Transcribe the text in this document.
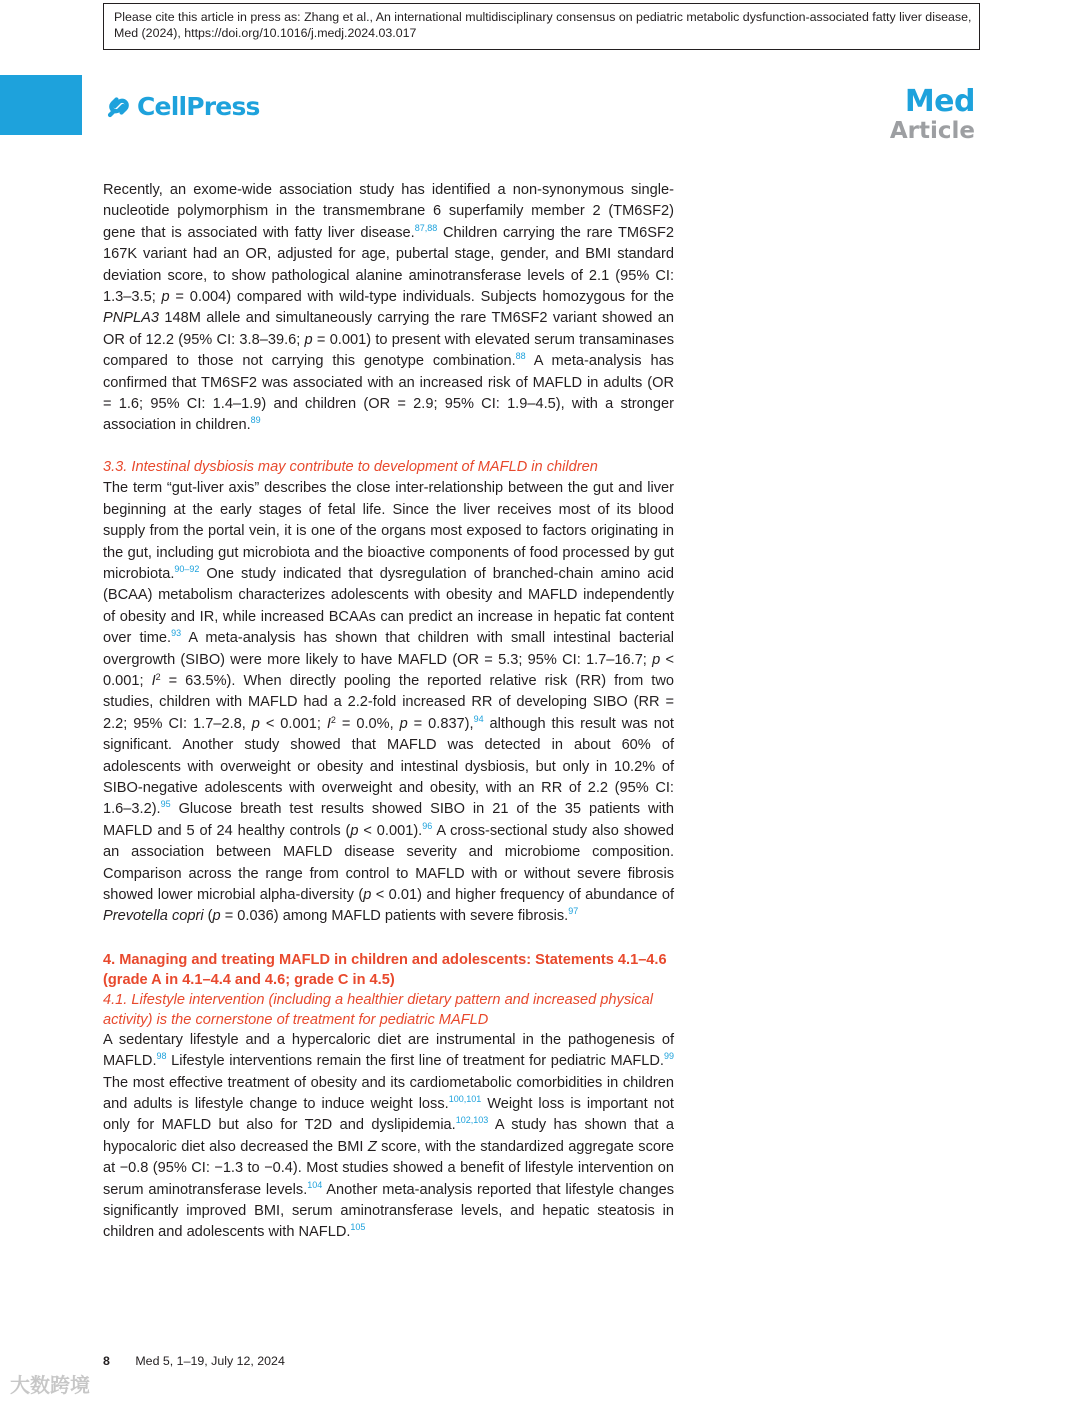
Please cite this article in press as: Zhang et al., An international multidisciplinary consensus on pediatric metabolic dysfunction-associated fatty liver disease, Med (2024), https://doi.org/10.1016/j.medj.2024.03.017
CellPress	Med
Article

Recently, an exome-wide association study has identified a non-synonymous single-nucleotide polymorphism in the transmembrane 6 superfamily member 2 (TM6SF2) gene that is associated with fatty liver disease.$^{87,88}$ Children carrying the rare TM6SF2 167K variant had an OR, adjusted for age, pubertal stage, gender, and BMI standard deviation score, to show pathological alanine aminotransferase levels of 2.1 (95% CI: 1.3–3.5; p = 0.004) compared with wild-type individuals. Subjects homozygous for the PNPLA3 148M allele and simultaneously carrying the rare TM6SF2 variant showed an OR of 12.2 (95% CI: 3.8–39.6; p = 0.001) to present with elevated serum transaminases compared to those not carrying this genotype combination.$^{88}$ A meta-analysis has confirmed that TM6SF2 was associated with an increased risk of MAFLD in adults (OR = 1.6; 95% CI: 1.4–1.9) and children (OR = 2.9; 95% CI: 1.9–4.5), with a stronger association in children.$^{89}$

3.3. Intestinal dysbiosis may contribute to development of MAFLD in children

The term “gut-liver axis” describes the close inter-relationship between the gut and liver beginning at the early stages of fetal life. Since the liver receives most of its blood supply from the portal vein, it is one of the organs most exposed to factors originating in the gut, including gut microbiota and the bioactive components of food processed by gut microbiota.$^{90-92}$ One study indicated that dysregulation of branched-chain amino acid (BCAA) metabolism characterizes adolescents with obesity and MAFLD independently of obesity and IR, while increased BCAAs can predict an increase in hepatic fat content over time.$^{93}$ A meta-analysis has shown that children with small intestinal bacterial overgrowth (SIBO) were more likely to have MAFLD (OR = 5.3; 95% CI: 1.7–16.7; p < 0.001; $I^2 = 63.5\%$). When directly pooling the reported relative risk (RR) from two studies, children with MAFLD had a 2.2-fold increased RR of developing SIBO (RR = 2.2; 95% CI: 1.7–2.8, p < 0.001; $I^2 = 0.0\%$, p = 0.837),$^{94}$ although this result was not significant. Another study showed that MAFLD was detected in about 60% of adolescents with overweight or obesity and intestinal dysbiosis, but only in 10.2% of SIBO-negative adolescents with overweight and obesity, with an RR of 2.2 (95% CI: 1.6–3.2).$^{95}$ Glucose breath test results showed SIBO in 21 of the 35 patients with MAFLD and 5 of 24 healthy controls (p < 0.001).$^{96}$ A cross-sectional study also showed an association between MAFLD disease severity and microbiome composition. Comparison across the range from control to MAFLD with or without severe fibrosis showed lower microbial alpha-diversity (p < 0.01) and higher frequency of abundance of Prevotella copri (p = 0.036) among MAFLD patients with severe fibrosis.$^{97}$

4. Managing and treating MAFLD in children and adolescents: Statements 4.1–4.6 (grade A in 4.1–4.4 and 4.6; grade C in 4.5)
4.1. Lifestyle intervention (including a healthier dietary pattern and increased physical activity) is the cornerstone of treatment for pediatric MAFLD

A sedentary lifestyle and a hypercaloric diet are instrumental in the pathogenesis of MAFLD.$^{98}$ Lifestyle interventions remain the first line of treatment for pediatric MAFLD.$^{99}$ The most effective treatment of obesity and its cardiometabolic comorbidities in children and adults is lifestyle change to induce weight loss.$^{100,101}$ Weight loss is important not only for MAFLD but also for T2D and dyslipidemia.$^{102,103}$ A study has shown that a hypocaloric diet also decreased the BMI Z score, with the standardized aggregate score at −0.8 (95% CI: −1.3 to −0.4). Most studies showed a benefit of lifestyle intervention on serum aminotransferase levels.$^{104}$ Another meta-analysis reported that lifestyle changes significantly improved BMI, serum aminotransferase levels, and hepatic steatosis in children and adolescents with NAFLD.$^{105}$

8 Med 5, 1–19, July 12, 2024
大数跨境
